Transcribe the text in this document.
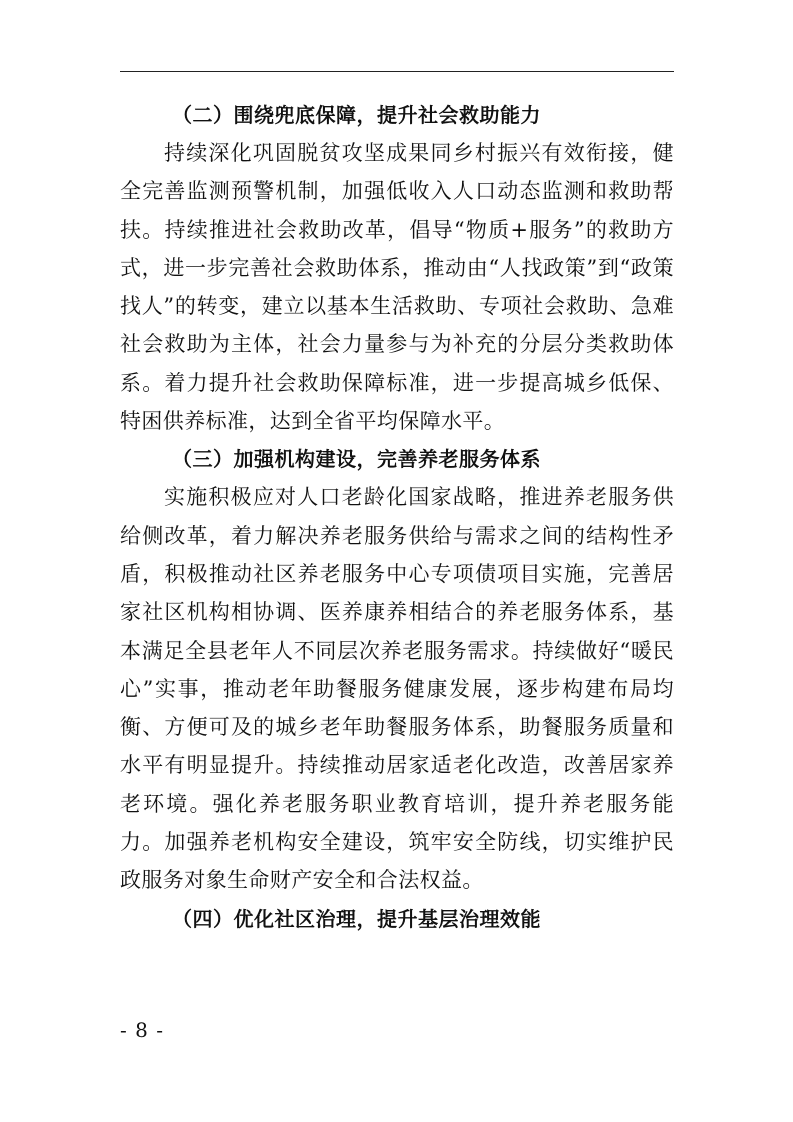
（二）围绕兜底保障，提升社会救助能力

持续深化巩固脱贫攻坚成果同乡村振兴有效衔接，健全完善监测预警机制，加强低收入人口动态监测和救助帮扶。持续推进社会救助改革，倡导“物质+服务”的救助方式，进一步完善社会救助体系，推动由“人找政策”到“政策找人”的转变，建立以基本生活救助、专项社会救助、急难社会救助为主体，社会力量参与为补充的分层分类救助体系。着力提升社会救助保障标准，进一步提高城乡低保、特困供养标准，达到全省平均保障水平。

（三）加强机构建设，完善养老服务体系

实施积极应对人口老龄化国家战略，推进养老服务供给侧改革，着力解决养老服务供给与需求之间的结构性矛盾，积极推动社区养老服务中心专项债项目实施，完善居家社区机构相协调、医养康养相结合的养老服务体系，基本满足全县老年人不同层次养老服务需求。持续做好“暖民心”实事，推动老年助餐服务健康发展，逐步构建布局均衡、方便可及的城乡老年助餐服务体系，助餐服务质量和水平有明显提升。持续推动居家适老化改造，改善居家养老环境。强化养老服务职业教育培训，提升养老服务能力。加强养老机构安全建设，筑牢安全防线，切实维护民政服务对象生命财产安全和合法权益。

（四）优化社区治理，提升基层治理效能
- 8 -
